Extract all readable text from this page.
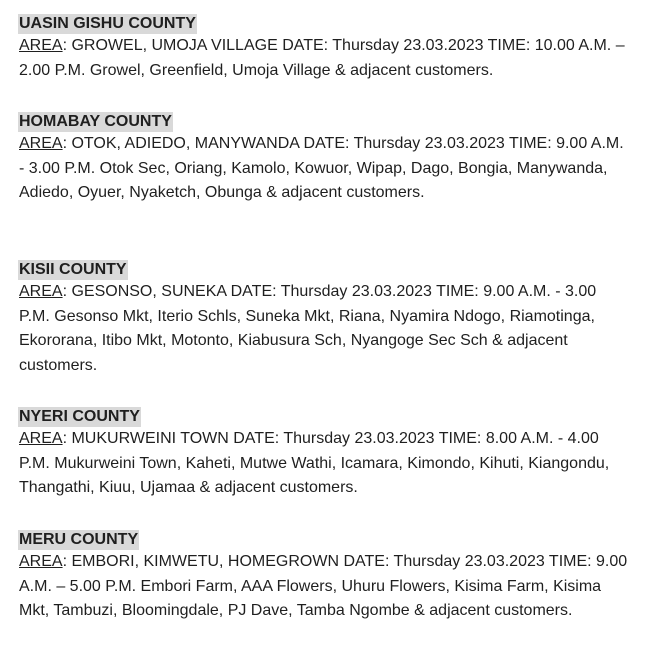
UASIN GISHU COUNTY
AREA: GROWEL, UMOJA VILLAGE DATE: Thursday 23.03.2023 TIME: 10.00 A.M. – 2.00 P.M. Growel, Greenfield, Umoja Village & adjacent customers.
HOMABAY COUNTY
AREA: OTOK, ADIEDO, MANYWANDA DATE: Thursday 23.03.2023 TIME: 9.00 A.M. - 3.00 P.M. Otok Sec, Oriang, Kamolo, Kowuor, Wipap, Dago, Bongia, Manywanda, Adiedo, Oyuer, Nyaketch, Obunga & adjacent customers.
KISII COUNTY
AREA: GESONSO, SUNEKA DATE: Thursday 23.03.2023 TIME: 9.00 A.M. - 3.00 P.M. Gesonso Mkt, Iterio Schls, Suneka Mkt, Riana, Nyamira Ndogo, Riamotinga, Ekororana, Itibo Mkt, Motonto, Kiabusura Sch, Nyangoge Sec Sch & adjacent customers.
NYERI COUNTY
AREA: MUKURWEINI TOWN DATE: Thursday 23.03.2023 TIME: 8.00 A.M. - 4.00 P.M. Mukurweini Town, Kaheti, Mutwe Wathi, Icamara, Kimondo, Kihuti, Kiangondu, Thangathi, Kiuu, Ujamaa & adjacent customers.
MERU COUNTY
AREA: EMBORI, KIMWETU, HOMEGROWN DATE: Thursday 23.03.2023 TIME: 9.00 A.M. – 5.00 P.M. Embori Farm, AAA Flowers, Uhuru Flowers, Kisima Farm, Kisima Mkt, Tambuzi, Bloomingdale, PJ Dave, Tamba Ngombe & adjacent customers.
